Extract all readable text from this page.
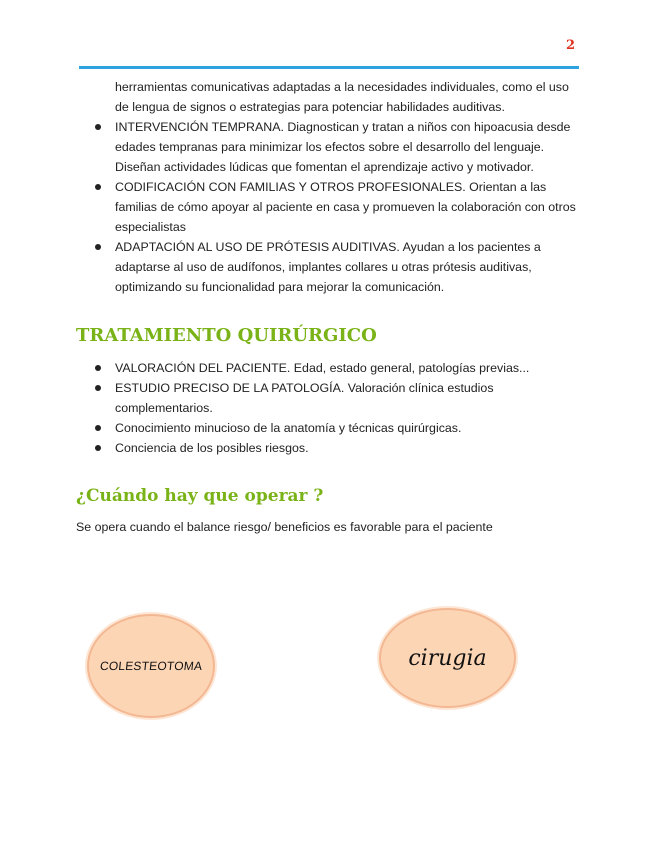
2
herramientas comunicativas adaptadas a la necesidades individuales, como el uso de lengua de signos o estrategias para potenciar habilidades auditivas.
INTERVENCIÓN TEMPRANA. Diagnostican y tratan a niños con hipoacusia desde edades tempranas para minimizar los efectos sobre el desarrollo del lenguaje. Diseñan actividades lúdicas que fomentan el aprendizaje activo y motivador.
CODIFICACIÓN CON FAMILIAS Y OTROS PROFESIONALES. Orientan a las familias de cómo apoyar al paciente en casa y promueven la colaboración con otros especialistas
ADAPTACIÓN AL USO DE PRÓTESIS AUDITIVAS. Ayudan a los pacientes a adaptarse al uso de audífonos, implantes collares u otras prótesis auditivas, optimizando su funcionalidad para mejorar la comunicación.
TRATAMIENTO QUIRÚRGICO
VALORACIÓN DEL PACIENTE. Edad, estado general, patologías previas...
ESTUDIO PRECISO DE LA PATOLOGÍA. Valoración clínica estudios complementarios.
Conocimiento minucioso de la anatomía y técnicas quirúrgicas.
Conciencia de los posibles riesgos.
¿Cuándo hay que operar ?
Se opera cuando el balance riesgo/ beneficios es favorable para el paciente
COLESTEOTOMA	cirugia
